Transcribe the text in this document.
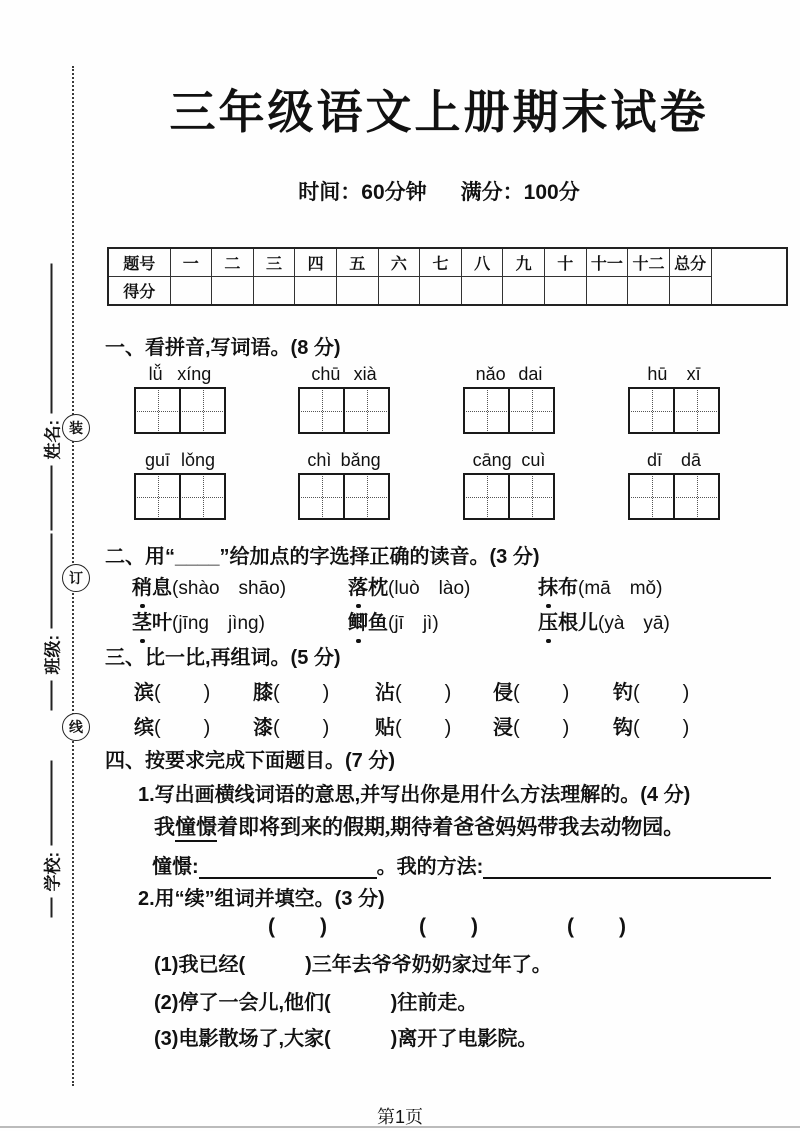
姓名:
班级:
学校:
装
订
线
三年级语文上册期末试卷
时间：60分钟 满分：100分
题号	一	二	三	四	五	六	七	八	九	十	十一	十二	总分
得分													
一、看拼音,写词语。(8 分)
lǚ xíng	chū xià	nǎo dai	hū xī
guī lǒng	chì bǎng	cāng cuì	dī dā
二、用“____”给加点的字选择正确的读音。(3 分)
稍息(shào　shāo)	落枕(luò　lào)	抹布(mā　mǒ)
茎叶(jīng　jìng)	鲫鱼(jī　jì)	压根儿(yà　yā)
三、比一比,再组词。(5 分)
滨(　　) 膝(　　) 沾(　　) 侵(　　) 钓(　　)
缤(　　) 漆(　　) 贴(　　) 浸(　　) 钩(　　)
四、按要求完成下面题目。(7 分)
1.写出画横线词语的意思,并写出你是用什么方法理解的。(4 分)
我憧憬着即将到来的假期,期待着爸爸妈妈带我去动物园。
憧憬:	。我的方法:
2.用“续”组词并填空。(3 分)
(　　)	(　　)	(　　)
(1)我已经(　　　)三年去爷爷奶奶家过年了。
(2)停了一会儿,他们(　　　)往前走。
(3)电影散场了,大家(　　　)离开了电影院。
第1页
